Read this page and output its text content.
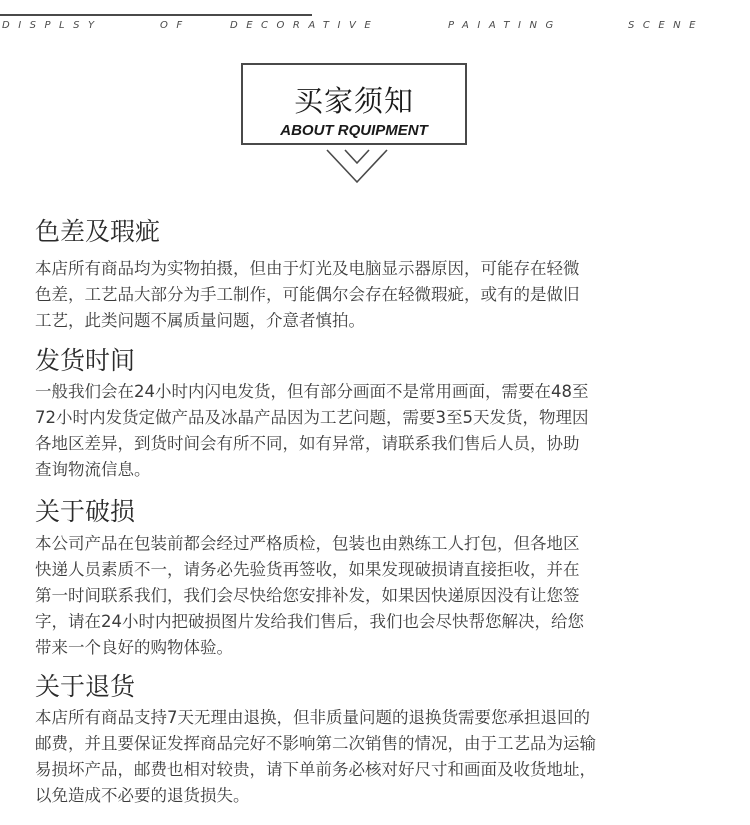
DISPLSY	OF	DECORATIVE	PAIATING	SCENE
买家须知
ABOUT RQUIPMENT
色差及瑕疵
本店所有商品均为实物拍摄，但由于灯光及电脑显示器原因，可能存在轻微
色差，工艺品大部分为手工制作，可能偶尔会存在轻微瑕疵，或有的是做旧
工艺，此类问题不属质量问题，介意者慎拍。
发货时间
一般我们会在24小时内闪电发货，但有部分画面不是常用画面，需要在48至
72小时内发货定做产品及冰晶产品因为工艺问题，需要3至5天发货，物理因
各地区差异，到货时间会有所不同，如有异常，请联系我们售后人员，协助
查询物流信息。
关于破损
本公司产品在包装前都会经过严格质检，包装也由熟练工人打包，但各地区
快递人员素质不一，请务必先验货再签收，如果发现破损请直接拒收，并在
第一时间联系我们，我们会尽快给您安排补发，如果因快递原因没有让您签
字，请在24小时内把破损图片发给我们售后，我们也会尽快帮您解决，给您
带来一个良好的购物体验。
关于退货
本店所有商品支持7天无理由退换，但非质量问题的退换货需要您承担退回的
邮费，并且要保证发挥商品完好不影响第二次销售的情况，由于工艺品为运输
易损坏产品，邮费也相对较贵，请下单前务必核对好尺寸和画面及收货地址，
以免造成不必要的退货损失。
